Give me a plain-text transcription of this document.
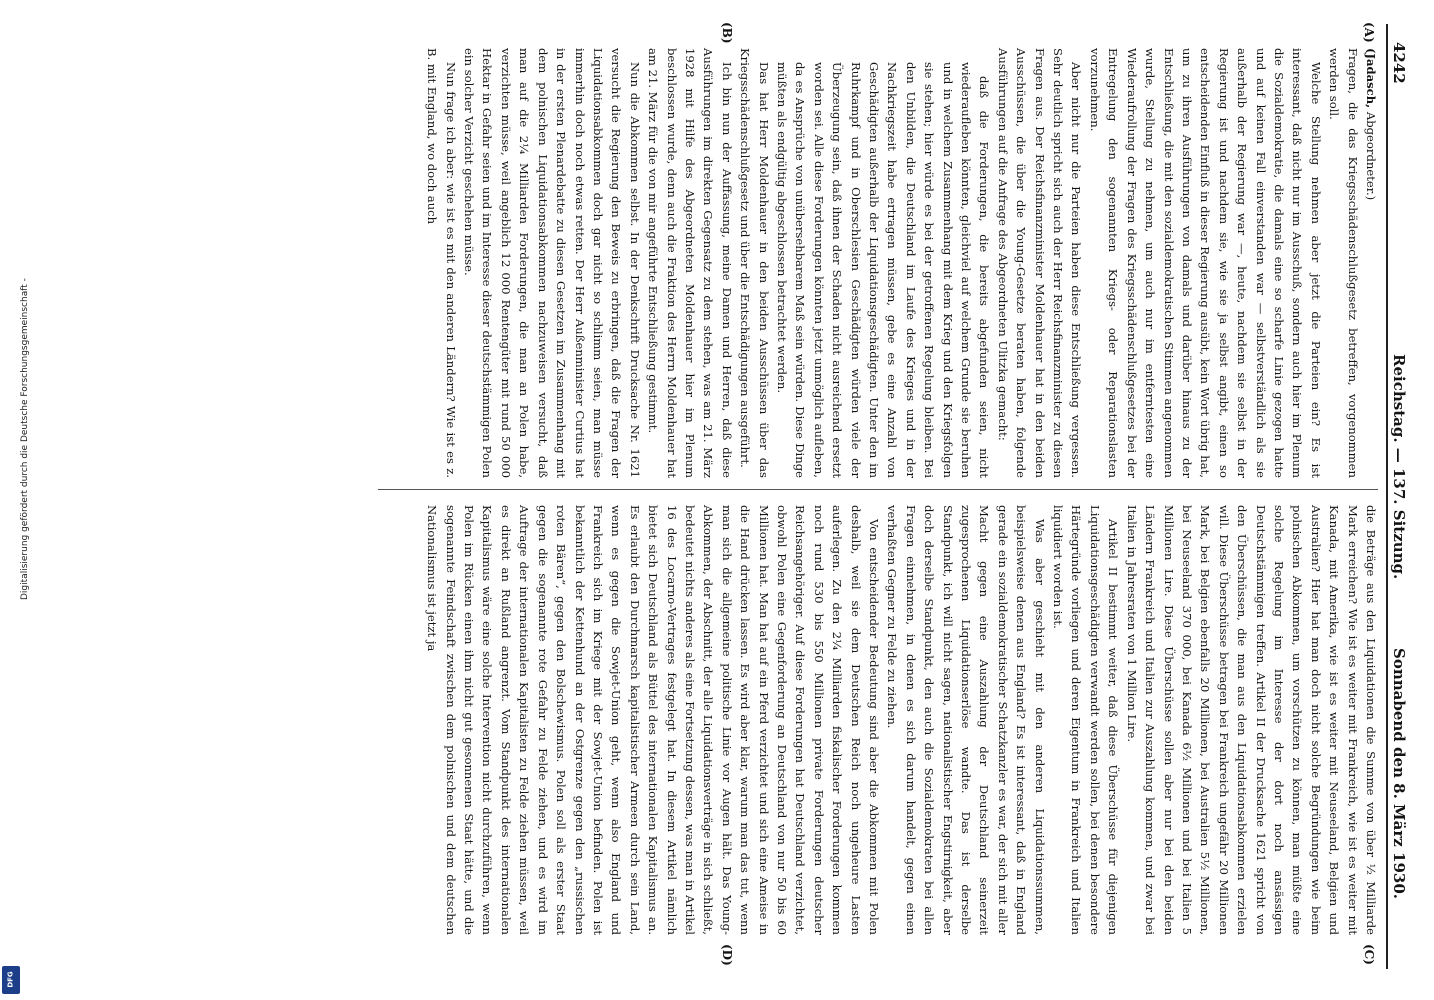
4242
Reichstag. — 137. Sitzung.
Sonnabend den 8. März 1930.
(A)
(B)
(C)
(D)

(Jadasch, Abgeordneter.)

Fragen, die das Kriegsschädenschlußgesetz betreffen, vorgenommen werden soll.

Welche Stellung nehmen aber jetzt die Parteien ein? Es ist interessant, daß nicht nur im Ausschuß, sondern auch hier im Plenum die Sozialdemokratie, die damals eine so scharfe Linie gezogen hatte und auf keinen Fall einverstanden war — selbstverständlich als sie außerhalb der Regierung war —, heute, nachdem sie selbst in der Regierung ist und nachdem sie, wie sie ja selbst angibt, einen so entscheidenden Einfluß in dieser Regierung ausübt, kein Wort übrig hat, um zu ihren Ausführungen von damals und darüber hinaus zu der Entschließung, die mit den sozialdemokratischen Stimmen angenommen wurde, Stellung zu nehmen, um auch nur im entferntesten eine Wiederaufrollung der Fragen des Kriegsschädenschlußgesetzes bei der Entregelung den sogenannten Kriegs- oder Reparationslasten vorzunehmen.

Aber nicht nur die Parteien haben diese Entschließung vergessen. Sehr deutlich spricht sich auch der Herr Reichsfinanzminister zu diesen Fragen aus. Der Reichsfinanzminister Moldenhauer hat in den beiden Ausschüssen, die über die Young-Gesetze beraten haben, folgende Ausführungen auf die Anfrage des Abgeordneten Ulitzka gemacht:

daß die Forderungen, die bereits abgefunden seien, nicht wiederaufleben könnten, gleichviel auf welchem Grunde sie beruhen und in welchem Zusammenhang mit dem Krieg und den Kriegsfolgen sie stehen; hier würde es bei der getroffenen Regelung bleiben. Bei den Unbilden, die Deutschland im Laufe des Krieges und in der Nachkriegszeit habe ertragen müssen, gebe es eine Anzahl von Geschädigten außerhalb der Liquidationsgeschädigten. Unter den im Ruhrkampf und in Oberschlesien Geschädigten würden viele der Überzeugung sein, daß ihnen der Schaden nicht ausreichend ersetzt worden sei. Alle diese Forderungen könnten jetzt unmöglich aufleben, da es Ansprüche von unübersehbarem Maß sein würden. Diese Dinge müßten als endgültig abgeschlossen betrachtet werden.

Das hat Herr Moldenhauer in den beiden Ausschüssen über das Kriegsschädenschlußgesetz und über die Entschädigungen ausgeführt.

Ich bin nun der Auffassung, meine Damen und Herren, daß diese Ausführungen im direkten Gegensatz zu dem stehen, was am 21. März 1928 mit Hilfe des Abgeordneten Moldenhauer hier im Plenum beschlossen wurde, denn auch die Fraktion des Herrn Moldenhauer hat am 21. März für die von mir angeführte Entschließung gestimmt.

Nun die Abkommen selbst. In der Denkschrift Drucksache Nr. 1621 versucht die Regierung den Beweis zu erbringen, daß die Fragen der Liquidationsabkommen doch gar nicht so schlimm seien, man müsse immerhin doch noch etwas retten. Der Herr Außenminister Curtius hat in der ersten Plenardebatte zu diesen Gesetzen im Zusammenhang mit dem polnischen Liquidationsabkommen nachzuweisen versucht, daß man auf die 2¼ Milliarden Forderungen, die man an Polen habe, verzichten müsse, weil angeblich 12 000 Rentengüter mit rund 50 000 Hektar in Gefahr seien und im Interesse dieser deutschstämmigen Polen ein solcher Verzicht geschehen müsse.

Nun frage ich aber: wie ist es mit den anderen Ländern? Wie ist es z. B. mit England, wo doch auch

die Beträge aus den Liquidationen die Summe von über ½ Milliarde Mark erreichen? Wie ist es weiter mit Frankreich, wie ist es weiter mit Kanada, mit Amerika, wie ist es weiter mit Neuseeland, Belgien und Australien? Hier hat man doch nicht solche Begründungen wie beim polnischen Abkommen, um vorschützen zu können, man müßte eine solche Regelung im Interesse der dort noch ansässigen Deutschstämmigen treffen. Artikel II der Drucksache 1621 spricht von den Überschüssen, die man aus den Liquidationsabkommen erzielen will. Diese Überschüsse betragen bei Frankreich ungefähr 20 Millionen Mark, bei Belgien ebenfalls 20 Millionen, bei Australien 5½ Millionen, bei Neuseeland 370 000, bei Kanada 6½ Millionen und bei Italien 5 Millionen Lire. Diese Überschüsse sollen aber nur bei den beiden Ländern Frankreich und Italien zur Auszahlung kommen, und zwar bei Italien in Jahresraten von 1 Million Lire.

Artikel II bestimmt weiter, daß diese Überschüsse für diejenigen Liquidationsgeschädigten verwandt werden sollen, bei denen besondere Härtegründe vorliegen und deren Eigentum in Frankreich und Italien liquidiert worden ist.

Was aber geschieht mit den anderen Liquidationssummen, beispielsweise denen aus England? Es ist interessant, daß in England gerade ein sozialdemokratischer Schatzkanzler es war, der sich mit aller Macht gegen eine Auszahlung der Deutschland seinerzeit zugesprochenen Liquidationserlöse wandte. Das ist derselbe Standpunkt, ich will nicht sagen, nationalistischer Engstirnigkeit, aber doch derselbe Standpunkt, den auch die Sozialdemokraten bei allen Fragen einnehmen, in denen es sich darum handelt, gegen einen verhaßten Gegner zu Felde zu ziehen.

Von entscheidender Bedeutung sind aber die Abkommen mit Polen deshalb, weil sie dem Deutschen Reich noch ungeheure Lasten auferlegen. Zu den 2¼ Milliarden fiskalischer Forderungen kommen noch rund 530 bis 550 Millionen private Forderungen deutscher Reichsangehöriger. Auf diese Forderungen hat Deutschland verzichtet, obwohl Polen eine Gegenforderung an Deutschland von nur 50 bis 60 Millionen hat. Man hat auf ein Pferd verzichtet und sich eine Ameise in die Hand drücken lassen. Es wird aber klar, warum man das tut, wenn man sich die allgemeine politische Linie vor Augen hält. Das Young-Abkommen, der Abschnitt, der alle Liquidationsverträge in sich schließt, bedeutet nichts anderes als eine Fortsetzung dessen, was man in Artikel 16 des Locarno-Vertrages festgelegt hat. In diesem Artikel nämlich bietet sich Deutschland als Büttel des internationalen Kapitalismus an. Es erlaubt den Durchmarsch kapitalistischer Armeen durch sein Land, wenn es gegen die Sowjet-Union geht, wenn also England und Frankreich sich im Kriege mit der Sowjet-Union befinden. Polen ist bekanntlich der Kettenhund an der Ostgrenze gegen den „russischen roten Bären“, gegen den Bolschewismus. Polen soll als erster Staat gegen die sogenannte rote Gefahr zu Felde ziehen, und es wird im Auftrage der internationalen Kapitalisten zu Felde ziehen müssen, weil es direkt an Rußland angrenzt. Vom Standpunkt des internationalen Kapitalismus wäre eine solche Intervention nicht durchzuführen, wenn Polen im Rücken einen ihm nicht gut gesonnenen Staat hätte, und die sogenannte Feindschaft zwischen dem polnischen und dem deutschen Nationalismus ist jetzt ja

Digitalisierung gefördert durch die Deutsche Forschungsgemeinschaft -
DFG
